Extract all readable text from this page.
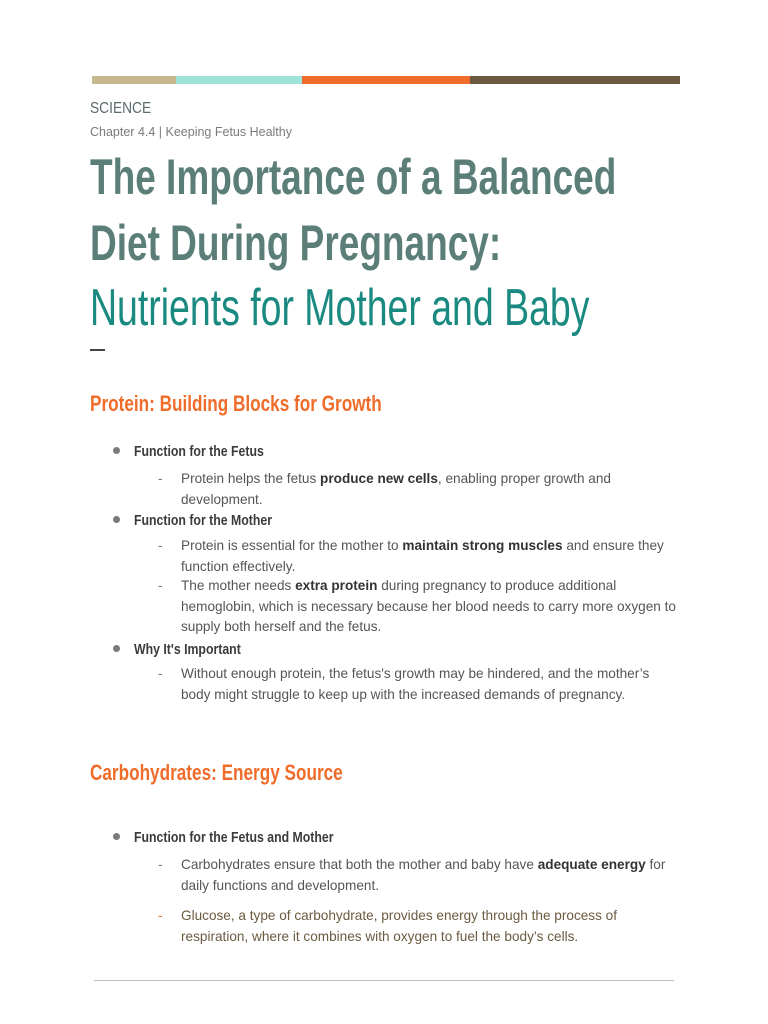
SCIENCE
Chapter 4.4 | Keeping Fetus Healthy
The Importance of a Balanced
Diet During Pregnancy:
Nutrients for Mother and Baby
Protein: Building Blocks for Growth
Function for the Fetus
- Protein helps the fetus produce new cells, enabling proper growth and development.
Function for the Mother
- Protein is essential for the mother to maintain strong muscles and ensure they function effectively.
- The mother needs extra protein during pregnancy to produce additional hemoglobin, which is necessary because her blood needs to carry more oxygen to supply both herself and the fetus.
Why It's Important
- Without enough protein, the fetus's growth may be hindered, and the mother’s body might struggle to keep up with the increased demands of pregnancy.
Carbohydrates: Energy Source
Function for the Fetus and Mother
- Carbohydrates ensure that both the mother and baby have adequate energy for daily functions and development.
- Glucose, a type of carbohydrate, provides energy through the process of respiration, where it combines with oxygen to fuel the body’s cells.
